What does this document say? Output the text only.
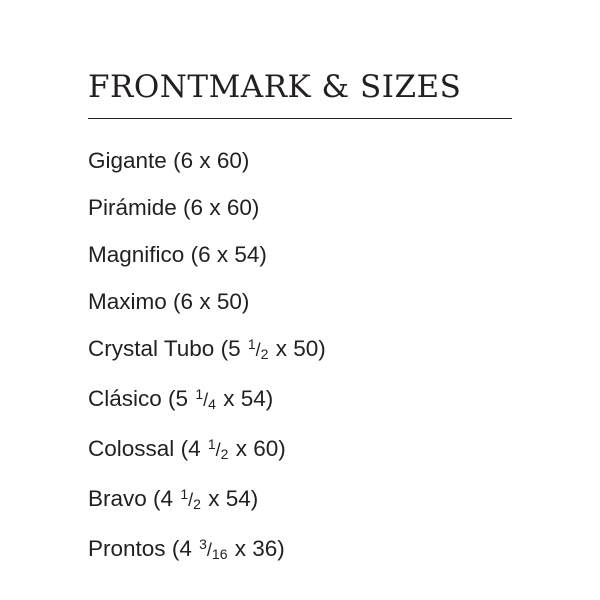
FRONTMARK & SIZES
Gigante (6 x 60)
Pirámide (6 x 60)
Magnifico (6 x 54)
Maximo (6 x 50)
Crystal Tubo (5 $^1$/2 x 50)
Clásico (5 $^1$/4 x 54)
Colossal (4 $^1$/2 x 60)
Bravo (4 $^1$/2 x 54)
Prontos (4 $^3$/16 x 36)
